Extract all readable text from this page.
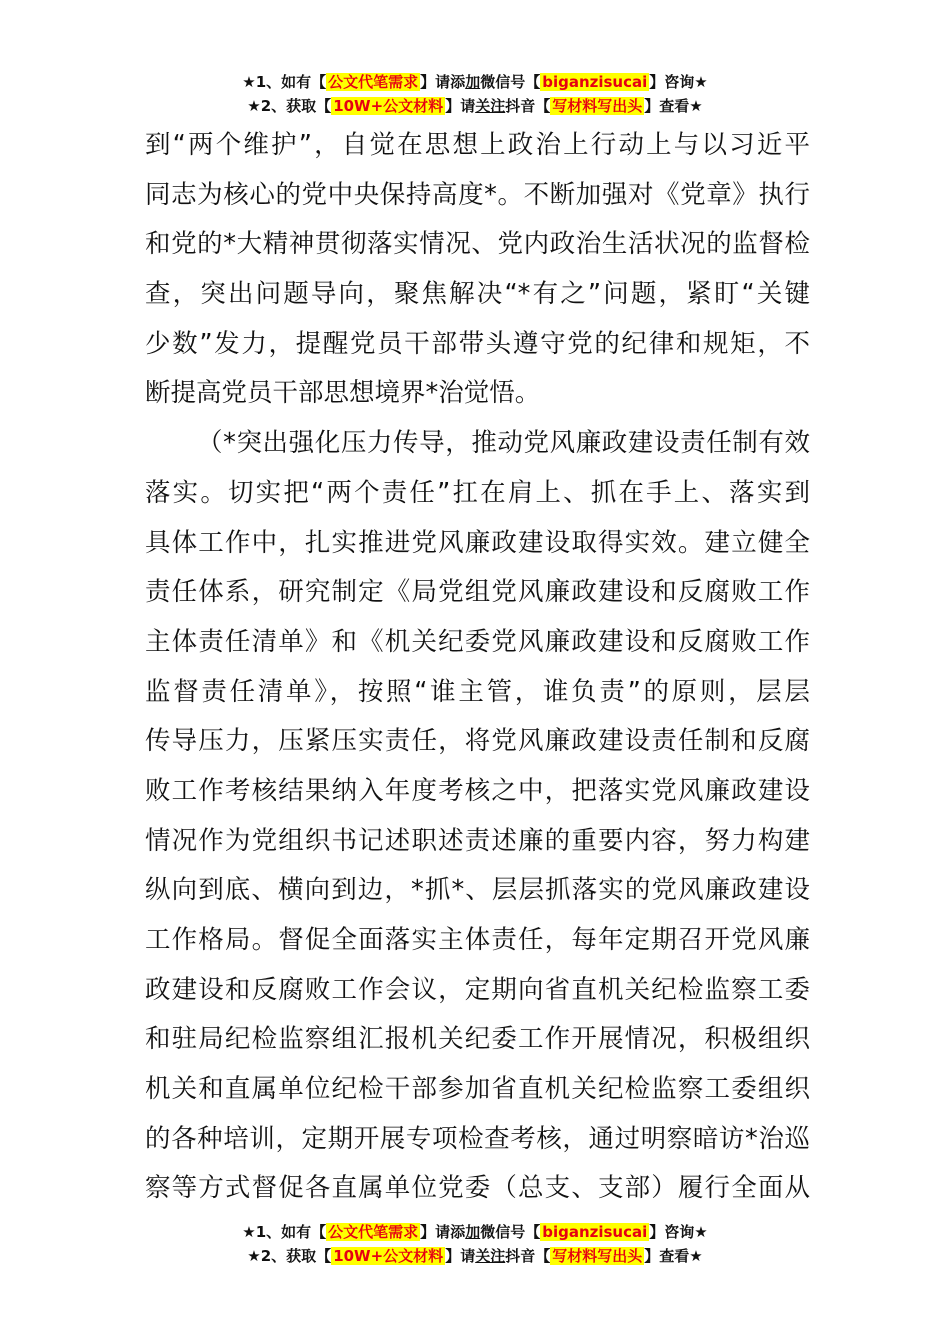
★1、如有【 公文代笔需求 】请添加微信号【 biganzisucai 】咨询★
★2、获取【 10W+公文材料 】请关注抖音【 写材料写出头 】查看★
到“两个维护”，自觉在思想上政治上行动上与以习近平
同志为核心的党中央保持高度*。不断加强对《党章》执行
和党的*大精神贯彻落实情况、党内政治生活状况的监督检
查，突出问题导向，聚焦解决“*有之”问题，紧盯“关键
少数”发力，提醒党员干部带头遵守党的纪律和规矩，不
断提高党员干部思想境界*治觉悟。
（*突出强化压力传导，推动党风廉政建设责任制有效
落实。切实把“两个责任”扛在肩上、抓在手上、落实到
具体工作中，扎实推进党风廉政建设取得实效。建立健全
责任体系，研究制定《局党组党风廉政建设和反腐败工作
主体责任清单》和《机关纪委党风廉政建设和反腐败工作
监督责任清单》，按照“谁主管，谁负责”的原则，层层
传导压力，压紧压实责任，将党风廉政建设责任制和反腐
败工作考核结果纳入年度考核之中，把落实党风廉政建设
情况作为党组织书记述职述责述廉的重要内容，努力构建
纵向到底、横向到边，*抓*、层层抓落实的党风廉政建设
工作格局。督促全面落实主体责任，每年定期召开党风廉
政建设和反腐败工作会议，定期向省直机关纪检监察工委
和驻局纪检监察组汇报机关纪委工作开展情况，积极组织
机关和直属单位纪检干部参加省直机关纪检监察工委组织
的各种培训，定期开展专项检查考核，通过明察暗访*治巡
察等方式督促各直属单位党委（总支、支部）履行全面从
★1、如有【 公文代笔需求 】请添加微信号【 biganzisucai 】咨询★
★2、获取【 10W+公文材料 】请关注抖音【 写材料写出头 】查看★
